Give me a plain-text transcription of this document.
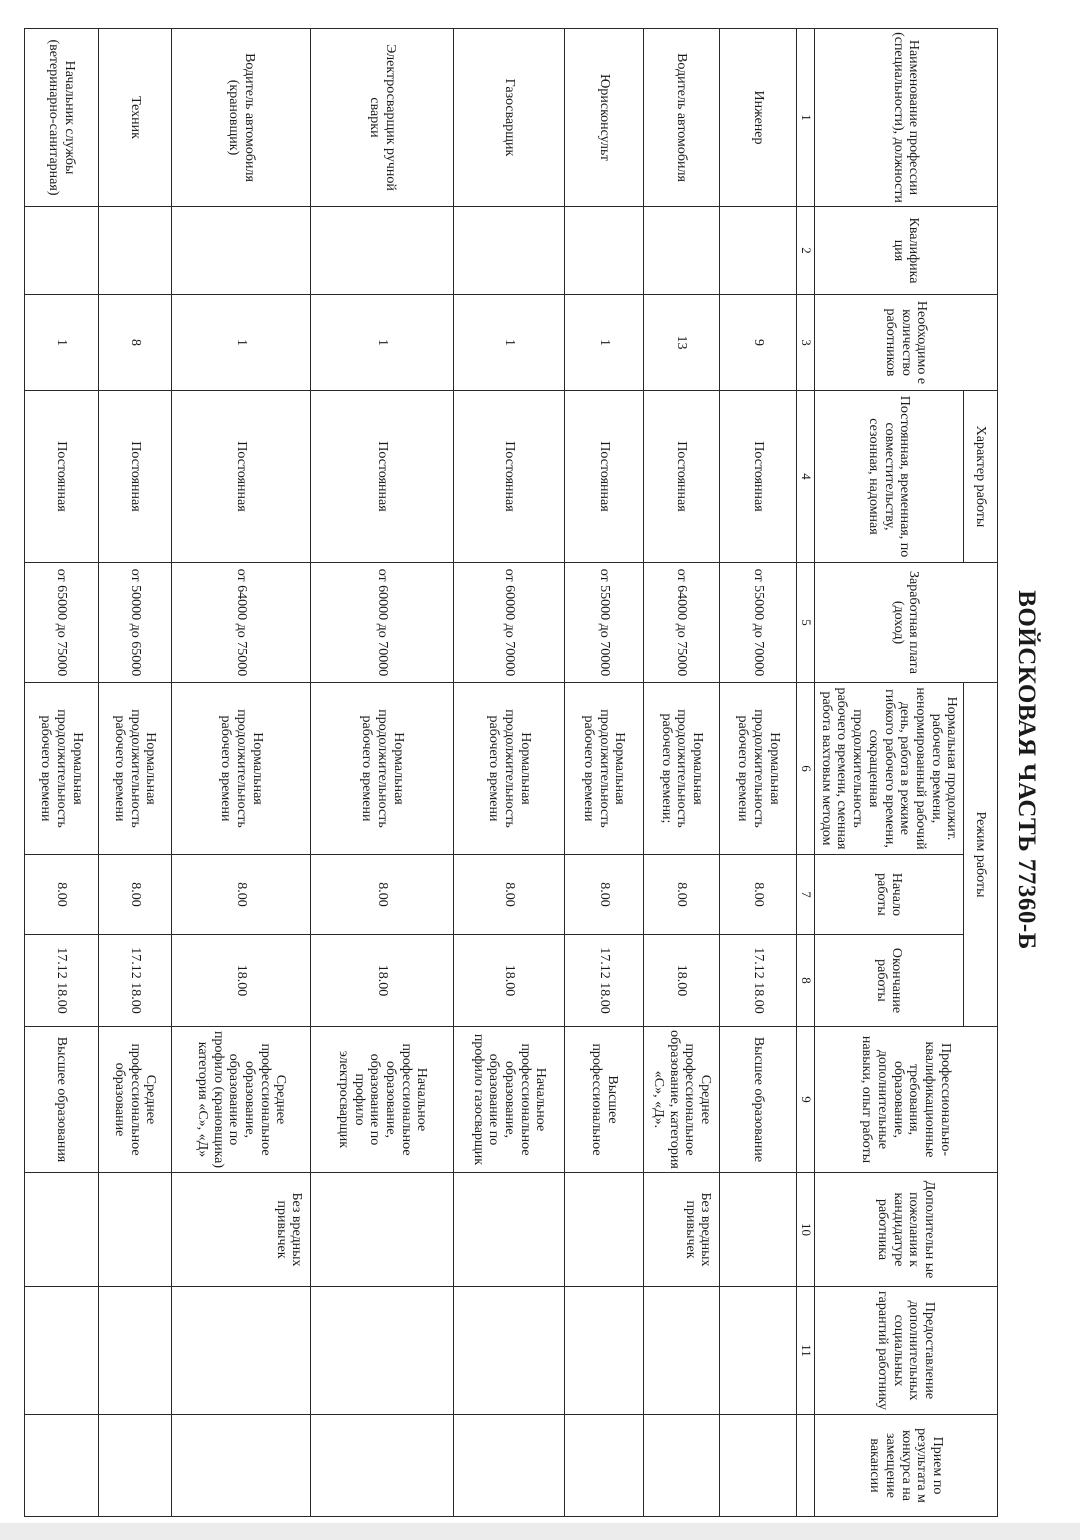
ВОЙСКОВАЯ ЧАСТЬ 77360-Б
Наименование профессии (специальности), должности	Квалифика ция	Необходимо е количество работников	Характер работы	Заработная плата (доход)	Режим работы			Профессионально-квалификационные требования, образование, дополнительные навыки, опыт работы	Дополительн ые пожелания к кандидатуре работника	Предоставление дополнительных социальных гарантий работнику	Прием по результата м конкурса на замещение вакансии
			Постоянная, временная, по совместительству, сезонная, надомная		Нормальная продолжит. рабочего времени, ненормированный рабочий день, работа в режиме гибкого рабочего времени, сокращенная продолжительность рабочего времени, сменная работа вахтовым методом	Начало работы	Окончание работы				
1	2	3	4	5	6	7	8	9	10	11	
Инженер		9	Постоянная	от 55000 до 70000	Нормальная продолжительность рабочего времени	8.00	17.12 18.00	Высшее образование			
Водитель автомобиля		13	Постоянная	от 64000 до 75000	Нормальная продолжительность рабочего времени;	8.00	18.00	Среднее профессиональное образование, категория «С», «Д».	Без вредных привычек		
Юрисконсульт		1	Постоянная	от 55000 до 70000	Нормальная продолжительность рабочего времени	8.00	17.12 18.00	Высшее профессиональное			
Газосварщик		1	Постоянная	от 60000 до 70000	Нормальная продолжительность рабочего времени	8.00	18.00	Начальное профессиональное образование, образование по профило газосварщик			
Электросварщик ручной сварки		1	Постоянная	от 60000 до 70000	Нормальная продолжительность рабочего времени	8.00	18.00	Начальное профессиональное образование, образование по профило электросварщик			
Водитель автомобиля (крановщик)		1	Постоянная	от 64000 до 75000	Нормальная продолжительность рабочего времени	8.00	18.00	Среднее профессиональное образование, образование по профило (крановщика) категория «С», «Д»	Без вредных привычек		
Техник		8	Постоянная	от 50000 до 65000	Нормальная продолжительность рабочего времени	8.00	17.12 18.00	Среднее профессиональное образование			
Начальник службы (ветеринарно-санитарная)		1	Постоянная	от 65000 до 75000	Нормальная продолжительность рабочего времени	8.00	17.12 18.00	Высшее образования			
